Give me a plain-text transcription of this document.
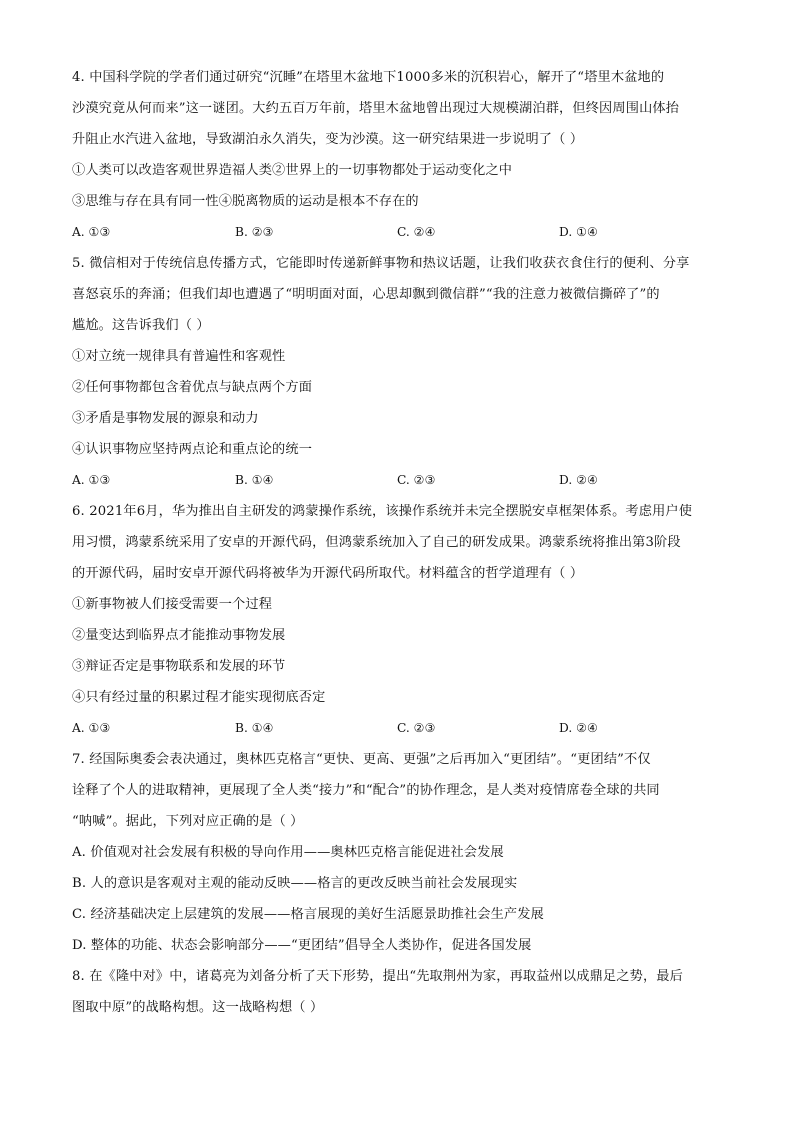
4. 中国科学院的学者们通过研究“沉睡”在塔里木盆地下1000多米的沉积岩心，解开了“塔里木盆地的
沙漠究竟从何而来”这一谜团。大约五百万年前，塔里木盆地曾出现过大规模湖泊群，但终因周围山体抬
升阻止水汽进入盆地，导致湖泊永久消失，变为沙漠。这一研究结果进一步说明了（ ）
①人类可以改造客观世界造福人类②世界上的一切事物都处于运动变化之中
③思维与存在具有同一性④脱离物质的运动是根本不存在的
A. ①③	B. ②③	C. ②④	D. ①④
5. 微信相对于传统信息传播方式，它能即时传递新鲜事物和热议话题，让我们收获衣食住行的便利、分享
喜怒哀乐的奔涌；但我们却也遭遇了“明明面对面，心思却飘到微信群”“我的注意力被微信撕碎了”的
尴尬。这告诉我们（ ）
①对立统一规律具有普遍性和客观性
②任何事物都包含着优点与缺点两个方面
③矛盾是事物发展的源泉和动力
④认识事物应坚持两点论和重点论的统一
A. ①③	B. ①④	C. ②③	D. ②④
6. 2021年6月，华为推出自主研发的鸿蒙操作系统，该操作系统并未完全摆脱安卓框架体系。考虑用户使
用习惯，鸿蒙系统采用了安卓的开源代码，但鸿蒙系统加入了自己的研发成果。鸿蒙系统将推出第3阶段
的开源代码，届时安卓开源代码将被华为开源代码所取代。材料蕴含的哲学道理有（ ）
①新事物被人们接受需要一个过程
②量变达到临界点才能推动事物发展
③辩证否定是事物联系和发展的环节
④只有经过量的积累过程才能实现彻底否定
A. ①③	B. ①④	C. ②③	D. ②④
7. 经国际奥委会表决通过，奥林匹克格言“更快、更高、更强”之后再加入“更团结”。“更团结”不仅
诠释了个人的进取精神，更展现了全人类“接力”和“配合”的协作理念，是人类对疫情席卷全球的共同
“呐喊”。据此，下列对应正确的是（ ）
A. 价值观对社会发展有积极的导向作用——奥林匹克格言能促进社会发展
B. 人的意识是客观对主观的能动反映——格言的更改反映当前社会发展现实
C. 经济基础决定上层建筑的发展——格言展现的美好生活愿景助推社会生产发展
D. 整体的功能、状态会影响部分——“更团结”倡导全人类协作，促进各国发展
8. 在《隆中对》中，诸葛亮为刘备分析了天下形势，提出“先取荆州为家，再取益州以成鼎足之势，最后
图取中原”的战略构想。这一战略构想（ ）
